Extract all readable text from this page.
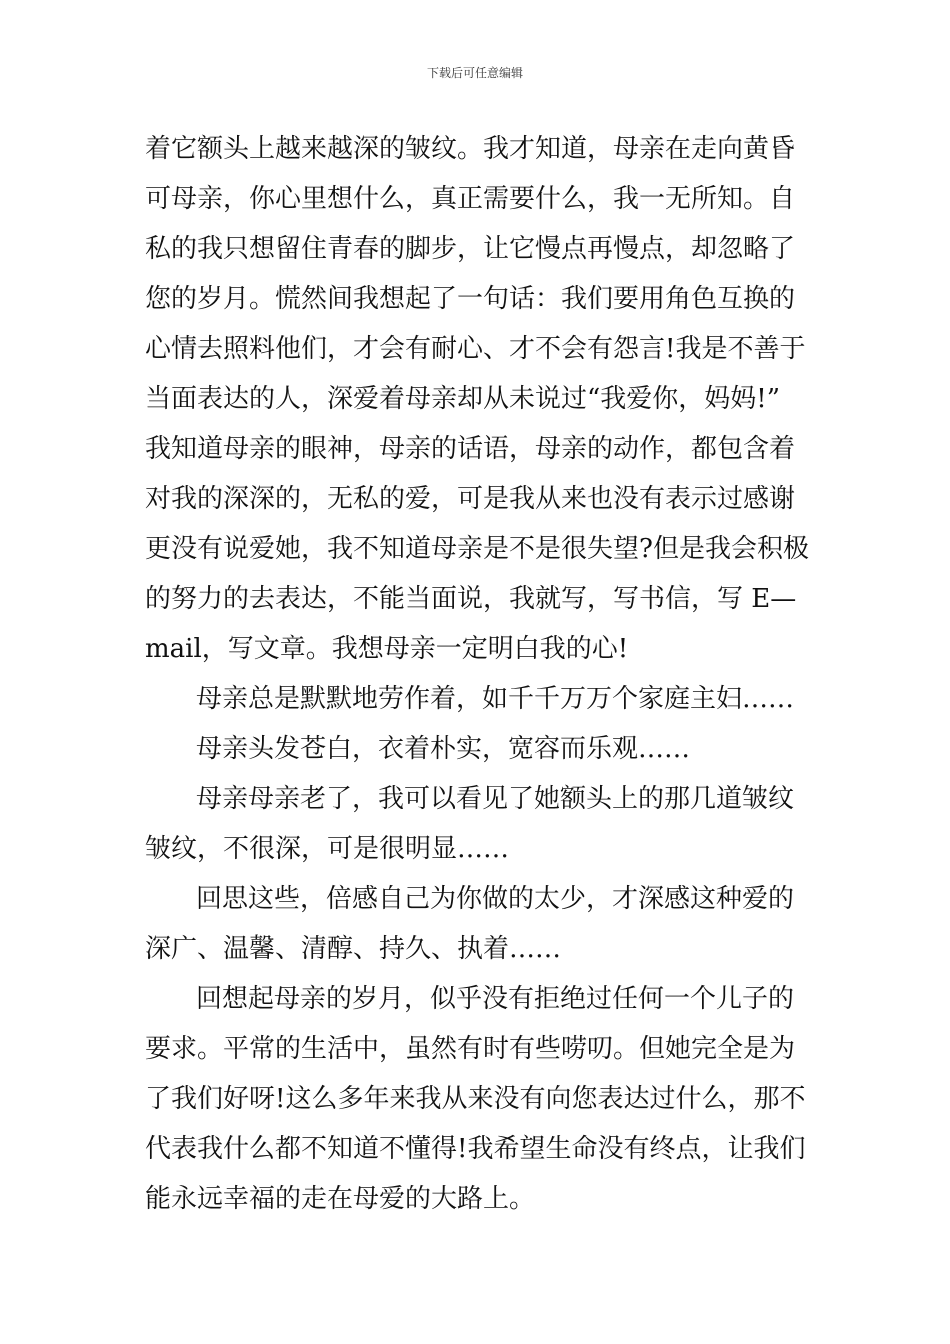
下载后可任意编辑
着它额头上越来越深的皱纹。我才知道，母亲在走向黄昏
可母亲，你心里想什么，真正需要什么，我一无所知。自
私的我只想留住青春的脚步，让它慢点再慢点，却忽略了
您的岁月。慌然间我想起了一句话：我们要用角色互换的
心情去照料他们，才会有耐心、才不会有怨言!我是不善于
当面表达的人，深爱着母亲却从未说过“我爱你，妈妈!”
我知道母亲的眼神，母亲的话语，母亲的动作，都包含着
对我的深深的，无私的爱，可是我从来也没有表示过感谢
更没有说爱她，我不知道母亲是不是很失望?但是我会积极
的努力的去表达，不能当面说，我就写，写书信，写 E—
mail，写文章。我想母亲一定明白我的心!
母亲总是默默地劳作着，如千千万万个家庭主妇……
母亲头发苍白，衣着朴实，宽容而乐观……
母亲母亲老了，我可以看见了她额头上的那几道皱纹
皱纹，不很深，可是很明显……
回思这些，倍感自己为你做的太少，才深感这种爱的
深广、温馨、清醇、持久、执着……
回想起母亲的岁月，似乎没有拒绝过任何一个儿子的
要求。平常的生活中，虽然有时有些唠叨。但她完全是为
了我们好呀!这么多年来我从来没有向您表达过什么，那不
代表我什么都不知道不懂得!我希望生命没有终点，让我们
能永远幸福的走在母爱的大路上。
